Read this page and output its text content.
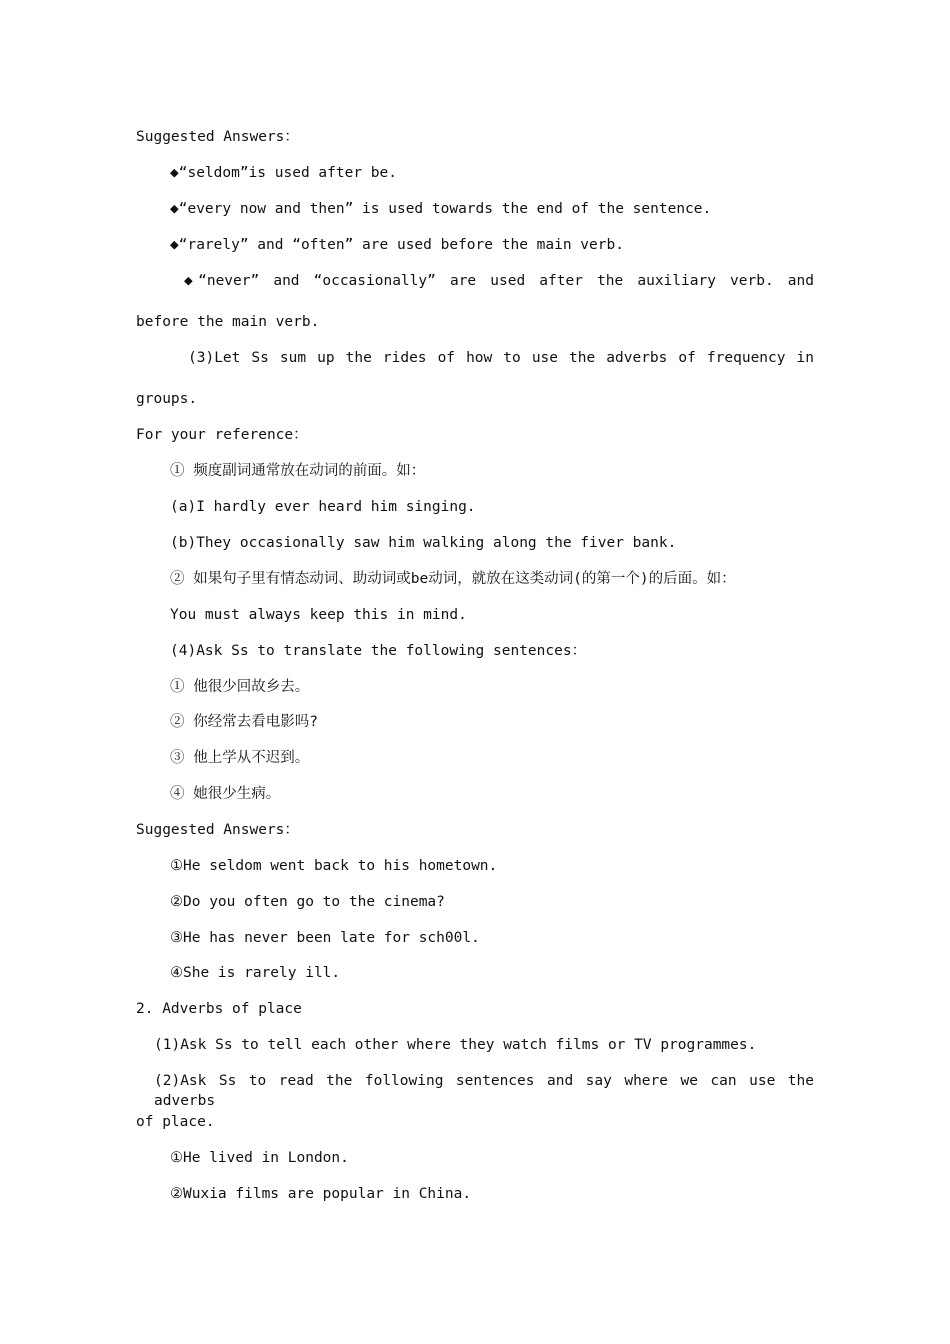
Suggested Answers：
◆“seldom”is used after be.
◆“every now and then” is used towards the end of the sentence.
◆“rarely” and “often” are used before the main verb.
◆“never” and “occasionally” are used after the auxiliary verb. and
before the main verb.
(3)Let Ss sum up the rides of how to use the adverbs of frequency in
groups.
For your reference：
① 频度副词通常放在动词的前面。如：
(a)I hardly ever heard him singing.
(b)They occasionally saw him walking along the fiver bank.
② 如果句子里有情态动词、助动词或be动词，就放在这类动词(的第一个)的后面。如：
You must always keep this in mind.
(4)Ask Ss to translate the following sentences：
① 他很少回故乡去。
② 你经常去看电影吗?
③ 他上学从不迟到。
④ 她很少生病。
Suggested Answers：
①He seldom went back to his hometown.
②Do you often go to the cinema?
③He has never been late for sch00l.
④She is rarely ill.
2. Adverbs of place
(1)Ask Ss to tell each other where they watch films or TV programmes.
(2)Ask Ss to read the following sentences and say where we can use the adverbs
of place.
①He lived in London.
②Wuxia films are popular in China.
